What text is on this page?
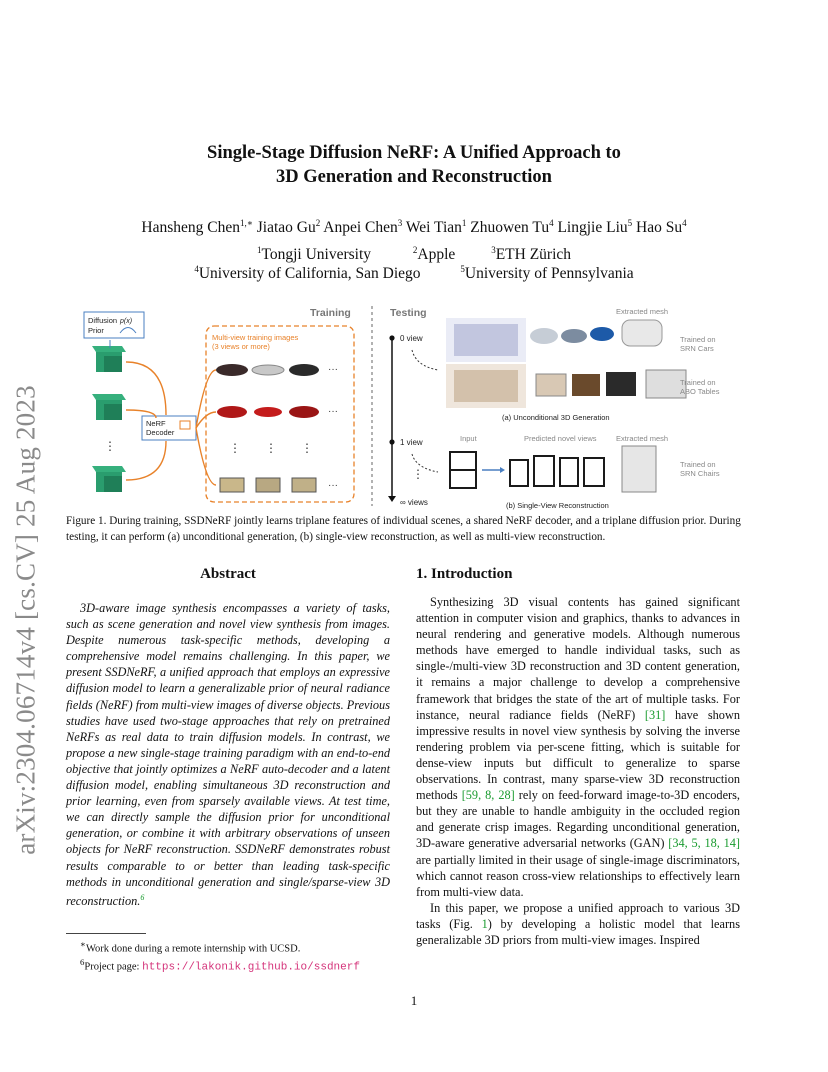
arXiv:2304.06714v4 [cs.CV] 25 Aug 2023
Single-Stage Diffusion NeRF: A Unified Approach to
3D Generation and Reconstruction
Hansheng Chen$^{1,∗}$ Jiatao Gu$^2$ Anpei Chen$^3$ Wei Tian$^1$ Zhuowen Tu$^4$ Lingjie Liu$^5$ Hao Su$^4$
$^1$Tongji University	$^2$Apple	$^3$ETH Zürich
$^4$University of California, San Diego	$^5$University of Pennsylvania
Training	Testing
Diffusion
Prior
p(x)
⋮
NeRF
Decoder
Multi-view training images
(3 views or more)
···
···
⋮ ⋮ ⋮
···
0 view
1 view
∞ views
⋮
Extracted mesh
Trained on
SRN Cars
Trained on
ABO Tables
(a) Unconditional 3D Generation
Input	Predicted novel views	Extracted mesh
Trained on
SRN Chairs
(b) Single-View Reconstruction
Figure 1. During training, SSDNeRF jointly learns triplane features of individual scenes, a shared NeRF decoder, and a triplane diffusion prior. During testing, it can perform (a) unconditional generation, (b) single-view reconstruction, as well as multi-view reconstruction.
Abstract

3D-aware image synthesis encompasses a variety of tasks, such as scene generation and novel view synthesis from images. Despite numerous task-specific methods, developing a comprehensive model remains challenging. In this paper, we present SSDNeRF, a unified approach that employs an expressive diffusion model to learn a generalizable prior of neural radiance fields (NeRF) from multi-view images of diverse objects. Previous studies have used two-stage approaches that rely on pretrained NeRFs as real data to train diffusion models. In contrast, we propose a new single-stage training paradigm with an end-to-end objective that jointly optimizes a NeRF auto-decoder and a latent diffusion model, enabling simultaneous 3D reconstruction and prior learning, even from sparsely available views. At test time, we can directly sample the diffusion prior for unconditional generation, or combine it with arbitrary observations of unseen objects for NeRF reconstruction. SSDNeRF demonstrates robust results comparable to or better than leading task-specific methods in unconditional generation and single/sparse-view 3D reconstruction.$^6$

∗Work done during a remote internship with UCSD.
$^6$Project page: https://lakonik.github.io/ssdnerf
1. Introduction

Synthesizing 3D visual contents has gained significant attention in computer vision and graphics, thanks to advances in neural rendering and generative models. Although numerous methods have emerged to handle individual tasks, such as single-/multi-view 3D reconstruction and 3D content generation, it remains a major challenge to develop a comprehensive framework that bridges the state of the art of multiple tasks. For instance, neural radiance fields (NeRF) [31] have shown impressive results in novel view synthesis by solving the inverse rendering problem via per-scene fitting, which is suitable for dense-view inputs but difficult to generalize to sparse observations. In contrast, many sparse-view 3D reconstruction methods [59, 8, 28] rely on feed-forward image-to-3D encoders, but they are unable to handle ambiguity in the occluded region and generate crisp images. Regarding unconditional generation, 3D-aware generative adversarial networks (GAN) [34, 5, 18, 14] are partially limited in their usage of single-image discriminators, which cannot reason cross-view relationships to effectively learn from multi-view data.

In this paper, we propose a unified approach to various 3D tasks (Fig. 1) by developing a holistic model that learns generalizable 3D priors from multi-view images. Inspired

1
